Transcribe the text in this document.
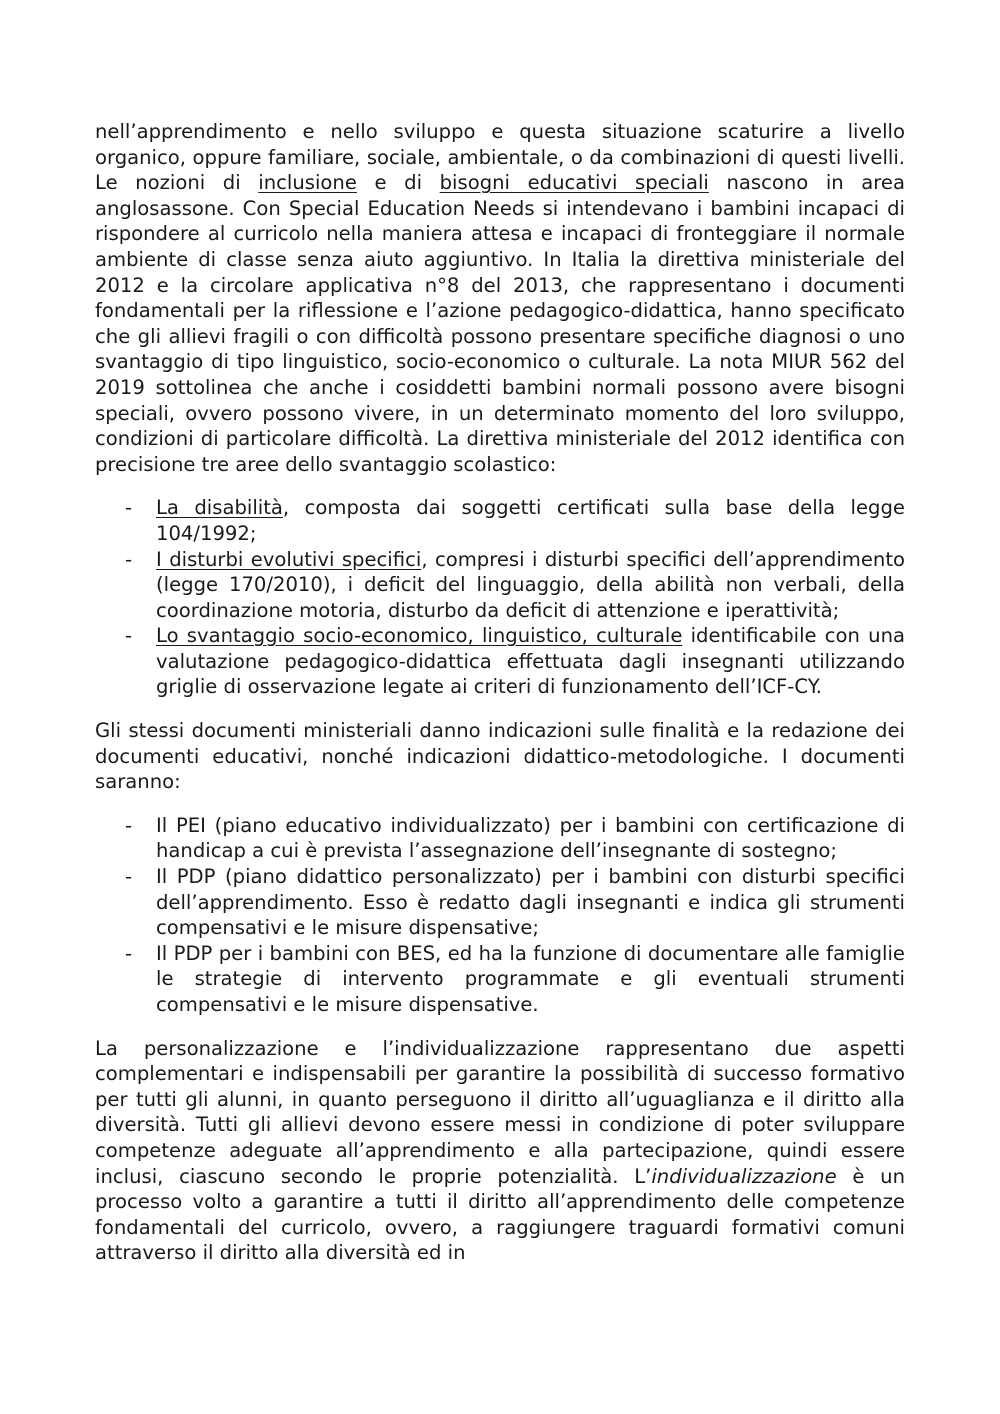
nell’apprendimento e nello sviluppo e questa situazione scaturire a livello organico, oppure familiare, sociale, ambientale, o da combinazioni di questi livelli. Le nozioni di inclusione e di bisogni educativi speciali nascono in area anglosassone. Con Special Education Needs si intendevano i bambini incapaci di rispondere al curricolo nella maniera attesa e incapaci di fronteggiare il normale ambiente di classe senza aiuto aggiuntivo. In Italia la direttiva ministeriale del 2012 e la circolare applicativa n°8 del 2013, che rappresentano i documenti fondamentali per la riflessione e l’azione pedagogico-didattica, hanno specificato che gli allievi fragili o con difficoltà possono presentare specifiche diagnosi o uno svantaggio di tipo linguistico, socio-economico o culturale. La nota MIUR 562 del 2019 sottolinea che anche i cosiddetti bambini normali possono avere bisogni speciali, ovvero possono vivere, in un determinato momento del loro sviluppo, condizioni di particolare difficoltà. La direttiva ministeriale del 2012 identifica con precisione tre aree dello svantaggio scolastico:

- La disabilità, composta dai soggetti certificati sulla base della legge 104/1992;
- I disturbi evolutivi specifici, compresi i disturbi specifici dell’apprendimento (legge 170/2010), i deficit del linguaggio, della abilità non verbali, della coordinazione motoria, disturbo da deficit di attenzione e iperattività;
- Lo svantaggio socio-economico, linguistico, culturale identificabile con una valutazione pedagogico-didattica effettuata dagli insegnanti utilizzando griglie di osservazione legate ai criteri di funzionamento dell’ICF-CY.

Gli stessi documenti ministeriali danno indicazioni sulle finalità e la redazione dei documenti educativi, nonché indicazioni didattico-metodologiche. I documenti saranno:

- Il PEI (piano educativo individualizzato) per i bambini con certificazione di handicap a cui è prevista l’assegnazione dell’insegnante di sostegno;
- Il PDP (piano didattico personalizzato) per i bambini con disturbi specifici dell’apprendimento. Esso è redatto dagli insegnanti e indica gli strumenti compensativi e le misure dispensative;
- Il PDP per i bambini con BES, ed ha la funzione di documentare alle famiglie le strategie di intervento programmate e gli eventuali strumenti compensativi e le misure dispensative.

La personalizzazione e l’individualizzazione rappresentano due aspetti complementari e indispensabili per garantire la possibilità di successo formativo per tutti gli alunni, in quanto perseguono il diritto all’uguaglianza e il diritto alla diversità. Tutti gli allievi devono essere messi in condizione di poter sviluppare competenze adeguate all’apprendimento e alla partecipazione, quindi essere inclusi, ciascuno secondo le proprie potenzialità. L’individualizzazione è un processo volto a garantire a tutti il diritto all’apprendimento delle competenze fondamentali del curricolo, ovvero, a raggiungere traguardi formativi comuni attraverso il diritto alla diversità ed in
